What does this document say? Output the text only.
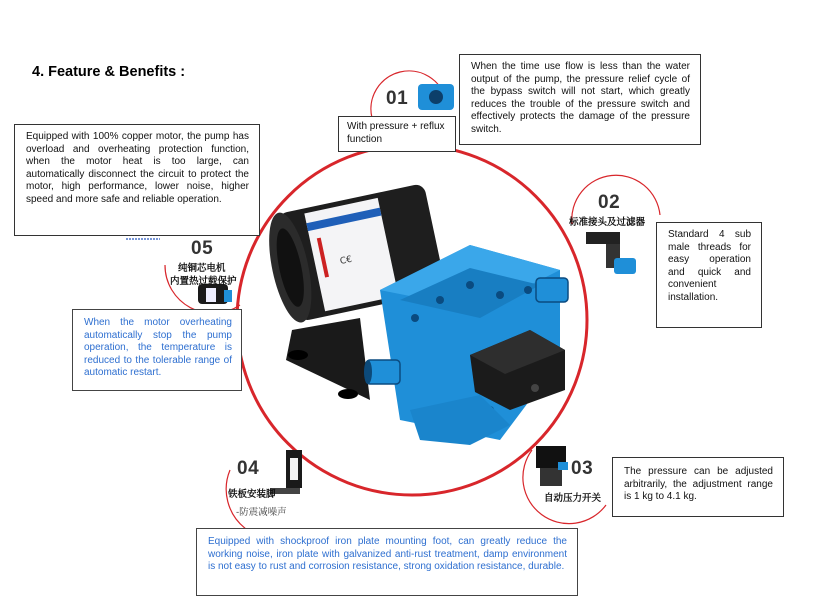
C€
4. Feature & Benefits :
01
With pressure + reflux function
When the time use flow is less than the water output of the pump, the pressure relief cycle of the bypass switch will not start, which greatly reduces the trouble of the pressure switch and effectively protects the damage of the pressure switch.
02
标准接头及过滤器
Standard 4 sub male threads for easy operation and quick and convenient installation.
03
自动压力开关
The pressure can be adjusted arbitrarily, the adjustment range is 1 kg to 4.1 kg.
04
铁板安装脚
-防震减噪声
Equipped with shockproof iron plate mounting foot, can greatly reduce the working noise, iron plate with galvanized anti-rust treatment, damp environment is not easy to rust and corrosion resistance, strong oxidation resistance, durable.
05
纯铜芯电机
内置热过载保护
Equipped with 100% copper motor, the pump has overload and overheating protection function, when the motor heat is too large, can automatically disconnect the circuit to protect the motor, high performance, lower noise, higher speed and more safe and reliable operation.
When the motor overheating automatically stop the pump operation, the temperature is reduced to the tolerable range of automatic restart.
